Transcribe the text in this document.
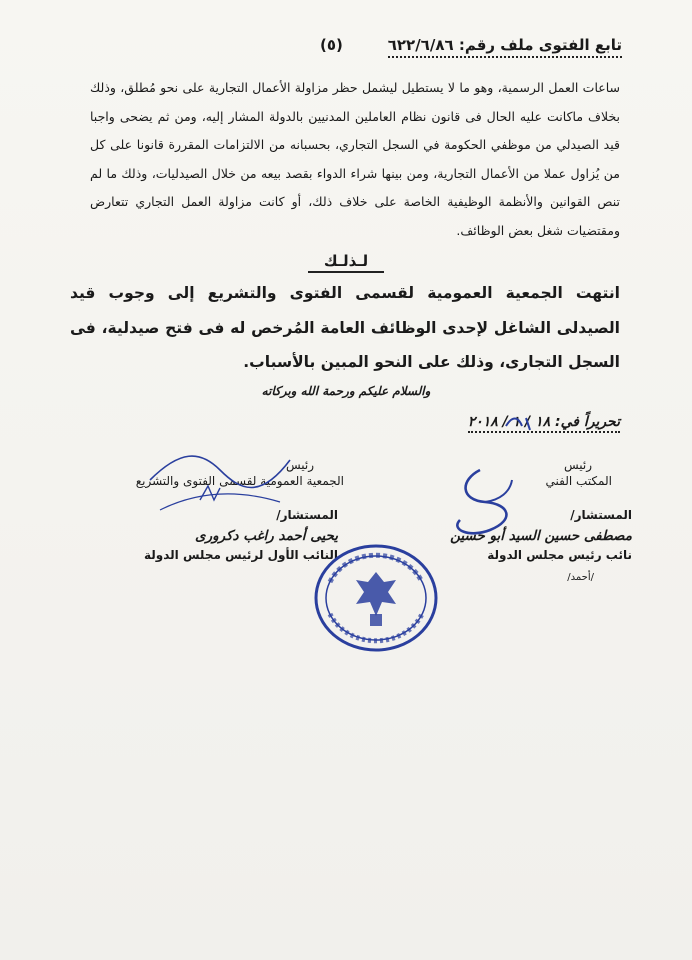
تابع الفتوى ملف رقم: ٦٢٢/٦/٨٦
(٥)
ساعات العمل الرسمية، وهو ما لا يستطيل ليشمل حظر مزاولة الأعمال التجارية على نحو مُطلق، وذلك بخلاف ماكانت عليه الحال فى قانون نظام العاملين المدنيين بالدولة المشار إليه، ومن ثم يضحى واجبا قيد الصيدلي من موظفي الحكومة في السجل التجاري، بحسبانه من الالتزامات المقررة قانونا على كل من يُزاول عملا من الأعمال التجارية، ومن بينها شراء الدواء بقصد بيعه من خلال الصيدليات، وذلك ما لم تنص القوانين والأنظمة الوظيفية الخاصة على خلاف ذلك، أو كانت مزاولة العمل التجاري تتعارض ومقتضيات شغل بعض الوظائف.
لـذلـك
انتهت الجمعية العمومية لقسمى الفتوى والتشريع إلى وجوب قيد الصيدلى الشاغل لإحدى الوظائف العامة المُرخص له فى فتح صيدلية، فى السجل التجارى، وذلك على النحو المبين بالأسباب.
والسلام عليكم ورحمة الله وبركاته
تحريراً في: ١٨ / ١ / ٢٠١٨
رئيس
الجمعية العمومية لقسمى الفتوى والتشريع
المستشار/
يحيى أحمد راغب دكرورى
النائب الأول لرئيس مجلس الدولة
رئيس
المكتب الفني
المستشار/
مصطفى حسين السيد أبو حسين
نائب رئيس مجلس الدولة
/أحمد/
